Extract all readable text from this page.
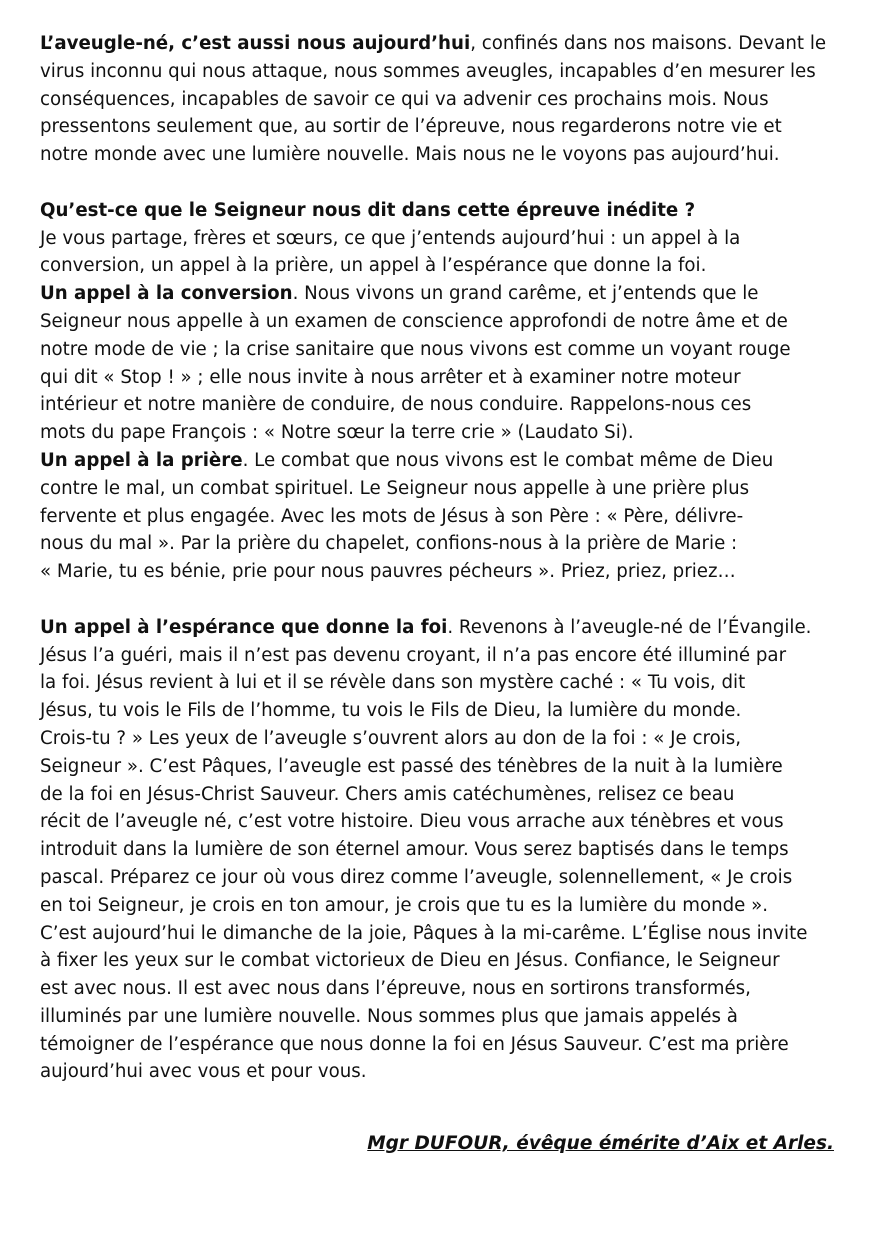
L’aveugle-né, c’est aussi nous aujourd’hui, confinés dans nos maisons. Devant le
virus inconnu qui nous attaque, nous sommes aveugles, incapables d’en mesurer les
conséquences, incapables de savoir ce qui va advenir ces prochains mois. Nous
pressentons seulement que, au sortir de l’épreuve, nous regarderons notre vie et
notre monde avec une lumière nouvelle. Mais nous ne le voyons pas aujourd’hui.
Qu’est-ce que le Seigneur nous dit dans cette épreuve inédite ?
Je vous partage, frères et sœurs, ce que j’entends aujourd’hui : un appel à la
conversion, un appel à la prière, un appel à l’espérance que donne la foi.
Un appel à la conversion. Nous vivons un grand carême, et j’entends que le
Seigneur nous appelle à un examen de conscience approfondi de notre âme et de
notre mode de vie ; la crise sanitaire que nous vivons est comme un voyant rouge
qui dit « Stop ! » ; elle nous invite à nous arrêter et à examiner notre moteur
intérieur et notre manière de conduire, de nous conduire. Rappelons-nous ces
mots du pape François : « Notre sœur la terre crie » (Laudato Si).
Un appel à la prière. Le combat que nous vivons est le combat même de Dieu
contre le mal, un combat spirituel. Le Seigneur nous appelle à une prière plus
fervente et plus engagée. Avec les mots de Jésus à son Père : « Père, délivre-
nous du mal ». Par la prière du chapelet, confions-nous à la prière de Marie :
« Marie, tu es bénie, prie pour nous pauvres pécheurs ». Priez, priez, priez…
Un appel à l’espérance que donne la foi. Revenons à l’aveugle-né de l’Évangile.
Jésus l’a guéri, mais il n’est pas devenu croyant, il n’a pas encore été illuminé par
la foi. Jésus revient à lui et il se révèle dans son mystère caché : « Tu vois, dit
Jésus, tu vois le Fils de l’homme, tu vois le Fils de Dieu, la lumière du monde.
Crois-tu ? » Les yeux de l’aveugle s’ouvrent alors au don de la foi : « Je crois,
Seigneur ». C’est Pâques, l’aveugle est passé des ténèbres de la nuit à la lumière
de la foi en Jésus-Christ Sauveur. Chers amis catéchumènes, relisez ce beau
récit de l’aveugle né, c’est votre histoire. Dieu vous arrache aux ténèbres et vous
introduit dans la lumière de son éternel amour. Vous serez baptisés dans le temps
pascal. Préparez ce jour où vous direz comme l’aveugle, solennellement, « Je crois
en toi Seigneur, je crois en ton amour, je crois que tu es la lumière du monde ».
C’est aujourd’hui le dimanche de la joie, Pâques à la mi-carême. L’Église nous invite
à fixer les yeux sur le combat victorieux de Dieu en Jésus. Confiance, le Seigneur
est avec nous. Il est avec nous dans l’épreuve, nous en sortirons transformés,
illuminés par une lumière nouvelle. Nous sommes plus que jamais appelés à
témoigner de l’espérance que nous donne la foi en Jésus Sauveur. C’est ma prière
aujourd’hui avec vous et pour vous.
Mgr DUFOUR, évêque émérite d’Aix et Arles.
